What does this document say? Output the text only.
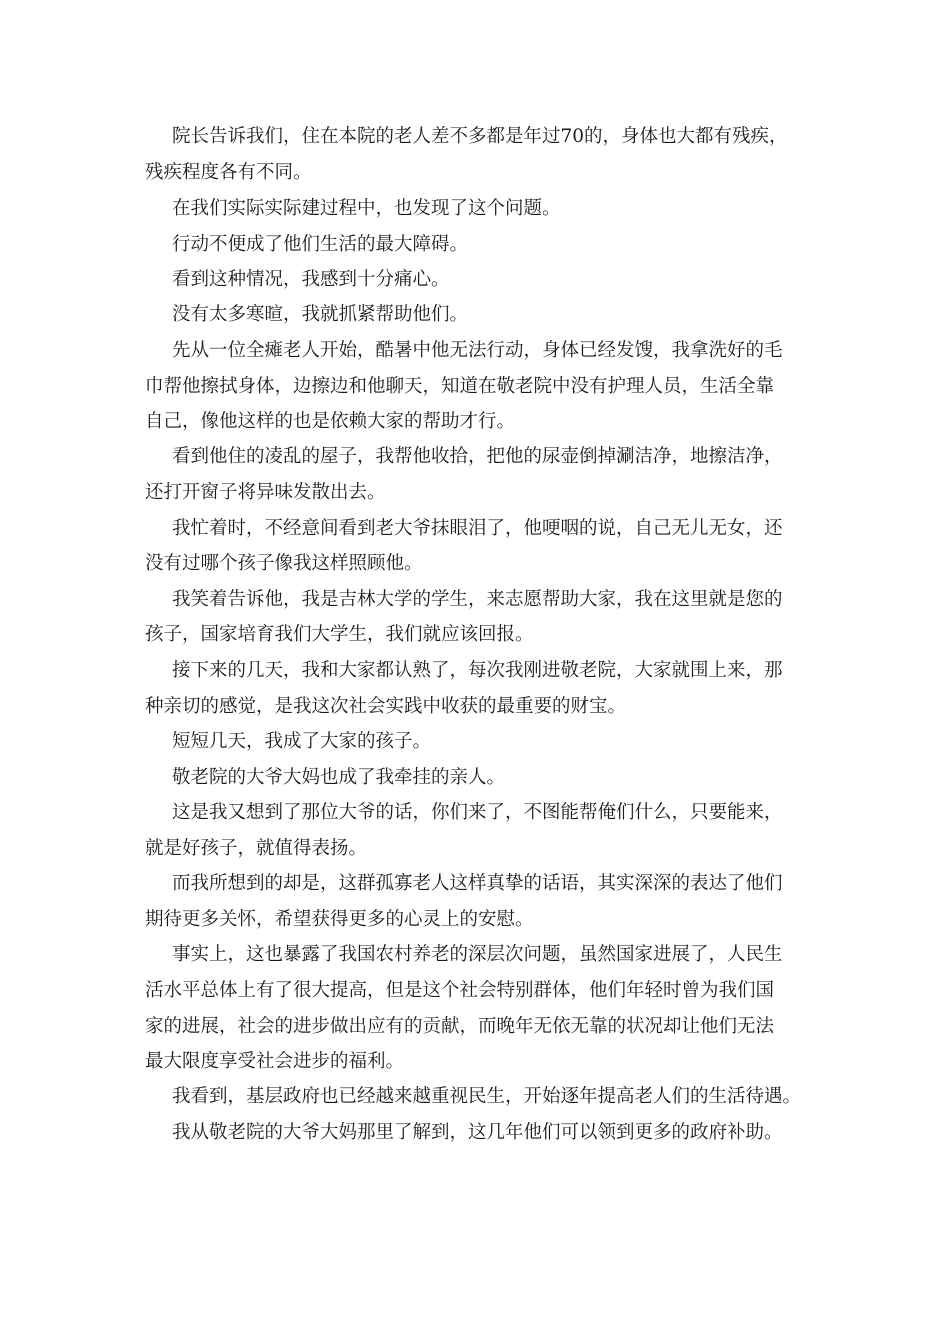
院长告诉我们，住在本院的老人差不多都是年过70的，身体也大都有残疾，
残疾程度各有不同。
在我们实际实际建过程中，也发现了这个问题。
行动不便成了他们生活的最大障碍。
看到这种情况，我感到十分痛心。
没有太多寒暄，我就抓紧帮助他们。
先从一位全瘫老人开始，酷暑中他无法行动，身体已经发馊，我拿洗好的毛
巾帮他擦拭身体，边擦边和他聊天，知道在敬老院中没有护理人员，生活全靠
自己，像他这样的也是依赖大家的帮助才行。
看到他住的凌乱的屋子，我帮他收拾，把他的尿壶倒掉涮洁净，地擦洁净，
还打开窗子将异味发散出去。
我忙着时，不经意间看到老大爷抹眼泪了，他哽咽的说，自己无儿无女，还
没有过哪个孩子像我这样照顾他。
我笑着告诉他，我是吉林大学的学生，来志愿帮助大家，我在这里就是您的
孩子，国家培育我们大学生，我们就应该回报。
接下来的几天，我和大家都认熟了，每次我刚进敬老院，大家就围上来，那
种亲切的感觉，是我这次社会实践中收获的最重要的财宝。
短短几天，我成了大家的孩子。
敬老院的大爷大妈也成了我牵挂的亲人。
这是我又想到了那位大爷的话，你们来了，不图能帮俺们什么，只要能来，
就是好孩子，就值得表扬。
而我所想到的却是，这群孤寡老人这样真挚的话语，其实深深的表达了他们
期待更多关怀，希望获得更多的心灵上的安慰。
事实上，这也暴露了我国农村养老的深层次问题，虽然国家进展了，人民生
活水平总体上有了很大提高，但是这个社会特别群体，他们年轻时曾为我们国
家的进展，社会的进步做出应有的贡献，而晚年无依无靠的状况却让他们无法
最大限度享受社会进步的福利。
我看到，基层政府也已经越来越重视民生，开始逐年提高老人们的生活待遇。
我从敬老院的大爷大妈那里了解到，这几年他们可以领到更多的政府补助。
